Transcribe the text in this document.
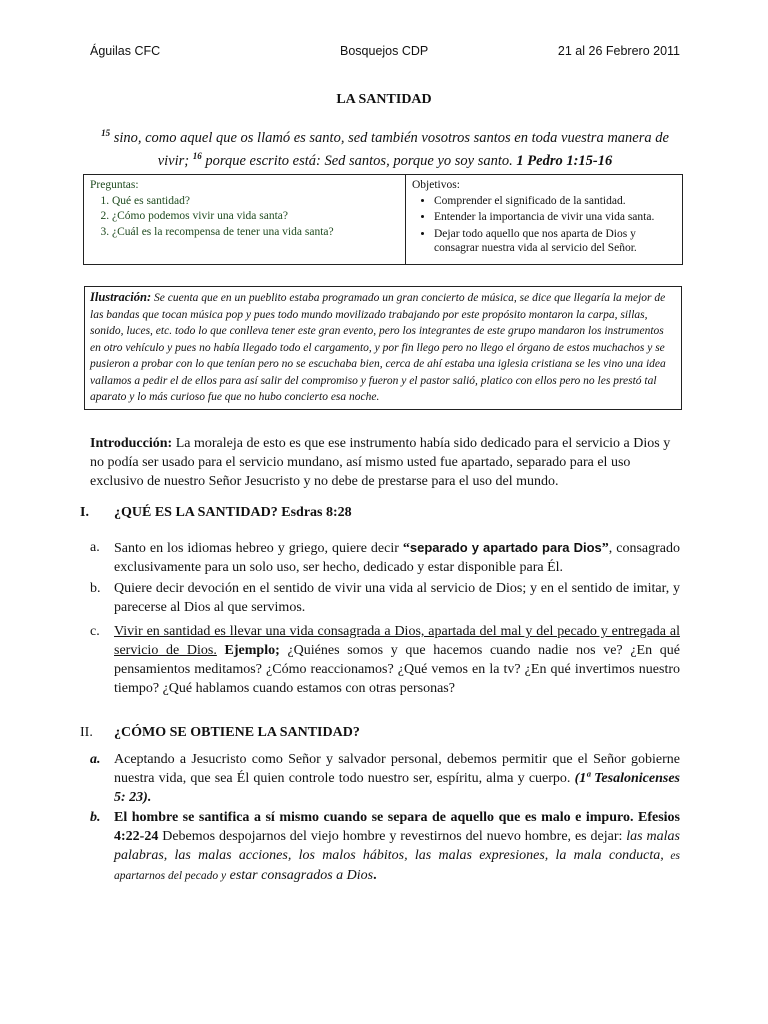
Águilas CFC	Bosquejos CDP	21 al 26 Febrero 2011
LA SANTIDAD
$^{15}$ sino, como aquel que os llamó es santo, sed también vosotros santos en toda vuestra manera de vivir; $^{16}$ porque escrito está: Sed santos, porque yo soy santo. 1 Pedro 1:15-16
Preguntas:
1. Qué es santidad?
2. ¿Cómo podemos vivir una vida santa?
3. ¿Cuál es la recompensa de tener una vida santa?

Objetivos:
• Comprender el significado de la santidad.
• Entender la importancia de vivir una vida santa.
• Dejar todo aquello que nos aparta de Dios y consagrar nuestra vida al servicio del Señor.
Ilustración: Se cuenta que en un pueblito estaba programado un gran concierto de música, se dice que llegaría la mejor de las bandas que tocan música pop y pues todo mundo movilizado trabajando por este propósito montaron la carpa, sillas, sonido, luces, etc. todo lo que conlleva tener este gran evento, pero los integrantes de este grupo mandaron los instrumentos en otro vehículo y pues no había llegado todo el cargamento, y por fin llego pero no llego el órgano de estos muchachos y se pusieron a probar con lo que tenían pero no se escuchaba bien, cerca de ahí estaba una iglesia cristiana se les vino una idea vallamos a pedir el de ellos para así salir del compromiso y fueron y el pastor salió, platico con ellos pero no les prestó tal aparato y lo más curioso fue que no hubo concierto esa noche.
Introducción: La moraleja de esto es que ese instrumento había sido dedicado para el servicio a Dios y no podía ser usado para el servicio mundano, así mismo usted fue apartado, separado para el uso exclusivo de nuestro Señor Jesucristo y no debe de prestarse para el uso del mundo.
I. ¿QUÉ ES LA SANTIDAD? Esdras 8:28
a. Santo en los idiomas hebreo y griego, quiere decir “separado y apartado para Dios”, consagrado exclusivamente para un solo uso, ser hecho, dedicado y estar disponible para Él.
b. Quiere decir devoción en el sentido de vivir una vida al servicio de Dios; y en el sentido de imitar, y parecerse al Dios al que servimos.
c. Vivir en santidad es llevar una vida consagrada a Dios, apartada del mal y del pecado y entregada al servicio de Dios. Ejemplo; ¿Quiénes somos y que hacemos cuando nadie nos ve? ¿En qué pensamientos meditamos? ¿Cómo reaccionamos? ¿Qué vemos en la tv? ¿En qué invertimos nuestro tiempo? ¿Qué hablamos cuando estamos con otras personas?
II. ¿CÓMO SE OBTIENE LA SANTIDAD?
a. Aceptando a Jesucristo como Señor y salvador personal, debemos permitir que el Señor gobierne nuestra vida, que sea Él quien controle todo nuestro ser, espíritu, alma y cuerpo. (1ª Tesalonicenses 5: 23).
b. El hombre se santifica a sí mismo cuando se separa de aquello que es malo e impuro. Efesios 4:22-24 Debemos despojarnos del viejo hombre y revestirnos del nuevo hombre, es dejar: las malas palabras, las malas acciones, los malos hábitos, las malas expresiones, la mala conducta, es apartarnos del pecado y estar consagrados a Dios.
